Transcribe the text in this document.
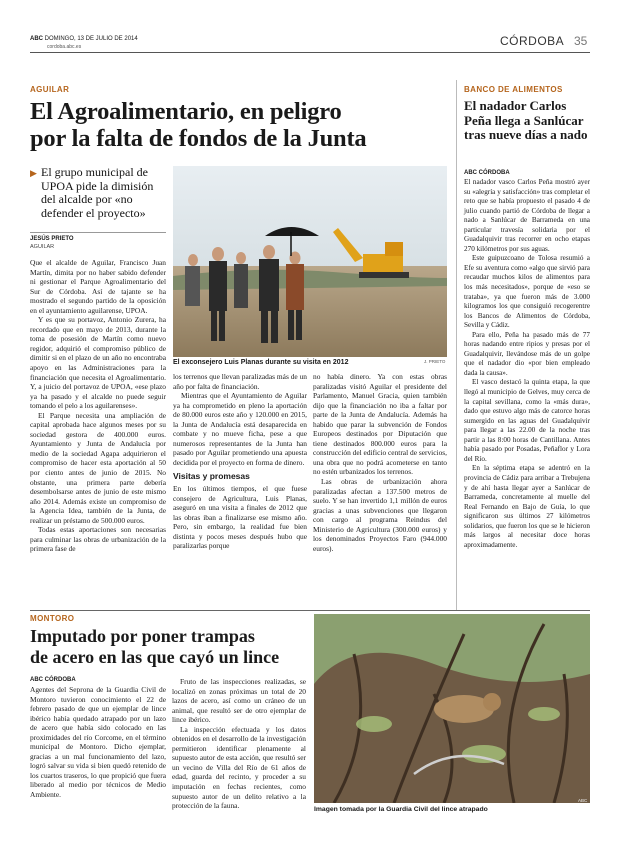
ABC DOMINGO, 13 DE JULIO DE 2014
cordoba.abc.es	CÓRDOBA 35
AGUILAR
El Agroalimentario, en peligro
por la falta de fondos de la Junta
▶ El grupo municipal de UPOA pide la dimisión del alcalde por «no defender el proyecto»
JESÚS PRIETO
AGUILAR

Que el alcalde de Aguilar, Francisco Juan Martín, dimita por no haber sabido defender ni gestionar el Parque Agroalimentario del Sur de Córdoba. Así de tajante se ha mostrado el segundo partido de la oposición en el ayuntamiento aguilarense, UPOA.

Y es que su portavoz, Antonio Zurera, ha recordado que en mayo de 2013, durante la toma de posesión de Martín como nuevo regidor, adquirió el compromiso público de dimitir si en el plazo de un año no encontraba apoyo en las Administraciones para la financiación que necesita el Agroalimentario. Y, a juicio del portavoz de UPOA, «ese plazo ya ha pasado y el alcalde no puede seguir tomando el pelo a los aguilarenses».

El Parque necesita una ampliación de capital aprobada hace algunos meses por su sociedad gestora de 400.000 euros. Ayuntamiento y Junta de Andalucía por medio de la sociedad Agapa adquirieron el compromiso de hacer esta aportación al 50 por ciento antes de junio de 2015. No obstante, una primera parte debería desembolsarse antes de junio de este mismo año 2014. Además existe un compromiso de la Agencia Idea, también de la Junta, de realizar un préstamo de 500.000 euros.

Todas estas aportaciones son necesarias para culminar las obras de urbanización de la primera fase de

El exconsejero Luis Planas durante su visita en 2012	J. PRIETO

los terrenos que llevan paralizadas más de un año por falta de financiación.

Mientras que el Ayuntamiento de Aguilar ya ha comprometido en pleno la aportación de 80.000 euros este año y 120.000 en 2015, la Junta de Andalucía está desaparecida en combate y no mueve ficha, pese a que numerosos representantes de la Junta han pasado por Aguilar prometiendo una apuesta decidida por el proyecto en forma de dinero.

Visitas y promesas

En los últimos tiempos, el que fuese consejero de Agricultura, Luis Planas, aseguró en una visita a finales de 2012 que las obras iban a finalizarse ese mismo año. Pero, sin embargo, la realidad fue bien distinta y pocos meses después hubo que paralizarlas porque

no había dinero. Ya con estas obras paralizadas visitó Aguilar el presidente del Parlamento, Manuel Gracia, quien también dijo que la financiación no iba a faltar por parte de la Junta de Andalucía. Además ha habido que parar la subvención de Fondos Europeos destinados por Diputación que tiene destinados 800.000 euros para la construcción del edificio central de servicios, una obra que no podrá acometerse en tanto no estén urbanizados los terrenos.

Las obras de urbanización ahora paralizadas afectan a 137.500 metros de suelo. Y se han invertido 1,1 millón de euros gracias a unas subvenciones que llegaron con cargo al programa Reindus del Ministerio de Agricultura (300.000 euros) y los denominados Proyectos Faro (944.000 euros).

BANCO DE ALIMENTOS
El nadador Carlos Peña llega a Sanlúcar tras nueve días a nado
ABC CÓRDOBA

El nadador vasco Carlos Peña mostró ayer su «alegría y satisfacción» tras completar el reto que se había propuesto el pasado 4 de julio cuando partió de Córdoba de llegar a nado a Sanlúcar de Barrameda en una particular travesía solidaria por el Guadalquivir tras recorrer en ocho etapas 270 kilómetros por sus aguas.

Este guipuzcoano de Tolosa resumió a Efe su aventura como «algo que sirvió para recaudar muchos kilos de alimentos para los más necesitados», porque de «eso se trataba», ya que fueron más de 3.000 kilogramos los que consiguió recogerentre los Bancos de Alimentos de Córdoba, Sevilla y Cádiz.

Para ello, Peña ha pasado más de 77 horas nadando entre ripios y presas por el Guadalquivir, llevándose más de un golpe que el nadador dio «por bien empleado dada la causa».

El vasco destacó la quinta etapa, la que llegó al municipio de Gelves, muy cerca de la capital sevillana, como la «más dura», dado que estuvo algo más de catorce horas sumergido en las aguas del Guadalquivir para llegar a las 22.00 de la noche tras partir a las 8:00 horas de Cantillana. Antes había pasado por Posadas, Peñaflor y Lora del Río.

En la séptima etapa se adentró en la provincia de Cádiz para arribar a Trebujena y de ahí hasta llegar ayer a Sanlúcar de Barrameda, concretamente al muelle del Real Fernando en Bajo de Guía, lo que significaron sus últimos 27 kilómetros solidarios, que fueron los que se le hicieron más largos al necesitar doce horas aproximadamente.

MONTORO
Imputado por poner trampas
de acero en las que cayó un lince
ABC CÓRDOBA

Agentes del Seprona de la Guardia Civil de Montoro tuvieron conocimiento el 22 de febrero pasado de que un ejemplar de lince ibérico había quedado atrapado por un lazo de acero que había sido colocado en las proximidades del río Corcome, en el término municipal de Montoro. Dicho ejemplar, gracias a un mal funcionamiento del lazo, logró salvar su vida si bien quedó retenido de los cuartos traseros, lo que propició que fuera liberado al medio por técnicos de Medio Ambiente.

Fruto de las inspecciones realizadas, se localizó en zonas próximas un total de 20 lazos de acero, así como un cráneo de un animal, que resultó ser de otro ejemplar de lince ibérico.

La inspección efectuada y los datos obtenidos en el desarrollo de la investigación permitieron identificar plenamente al supuesto autor de esta acción, que resultó ser un vecino de Villa del Río de 61 años de edad, guarda del recinto, y proceder a su imputación en fechas recientes, como supuesto autor de un delito relativo a la protección de la fauna.	Imagen tomada por la Guardia Civil del lince atrapado
ABC
